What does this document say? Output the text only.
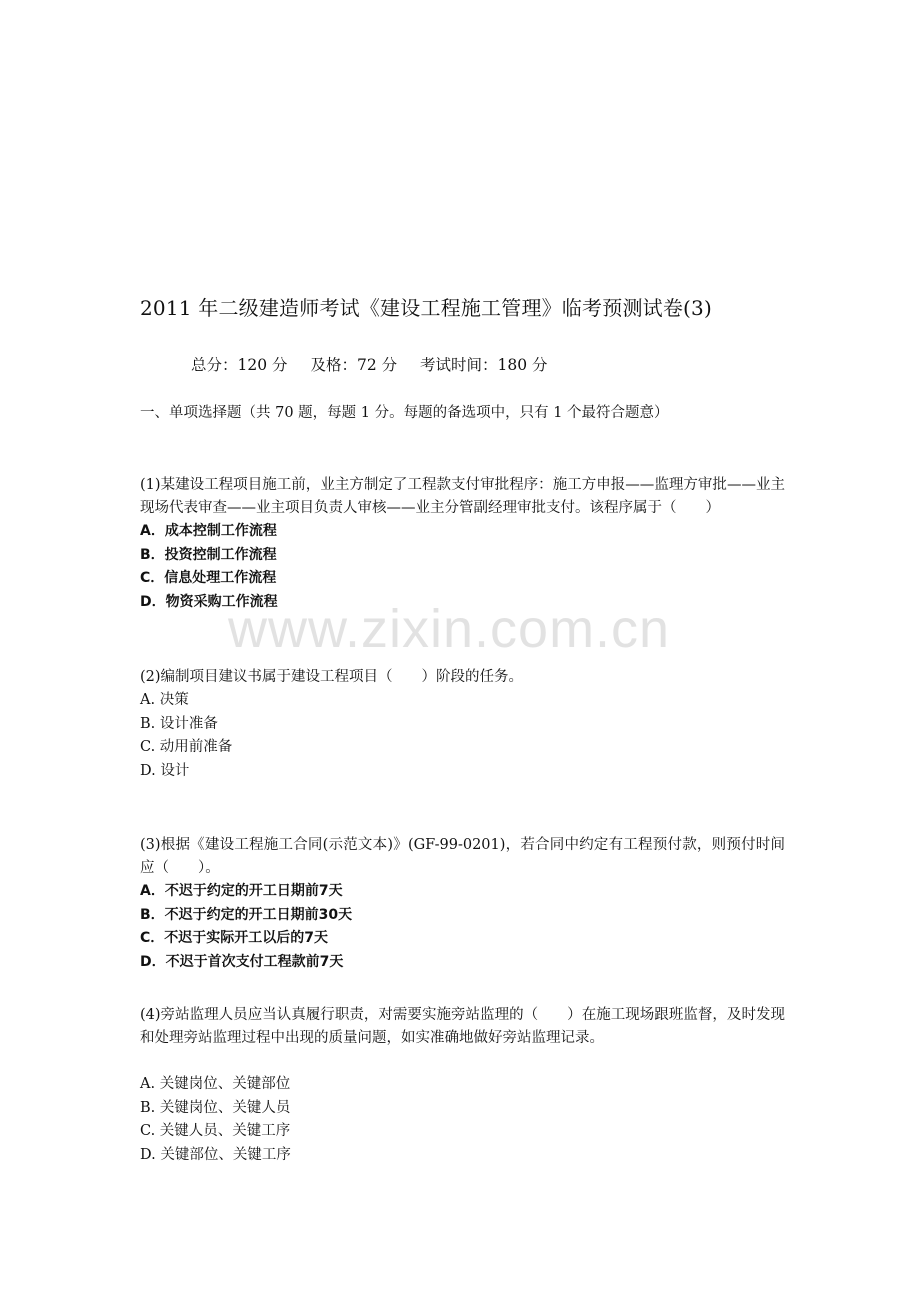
2011 年二级建造师考试《建设工程施工管理》临考预测试卷(3)
总分：120 分 及格：72 分 考试时间：180 分
一、单项选择题（共 70 题，每题 1 分。每题的备选项中，只有 1 个最符合题意）
(1)某建设工程项目施工前，业主方制定了工程款支付审批程序：施工方申报——监理方审批——业主现场代表审查——业主项目负责人审核——业主分管副经理审批支付。该程序属于（　　）
A．成本控制工作流程
B．投资控制工作流程
C．信息处理工作流程
D．物资采购工作流程
(2)编制项目建议书属于建设工程项目（　　）阶段的任务。
A. 决策
B. 设计准备
C. 动用前准备
D. 设计
(3)根据《建设工程施工合同(示范文本)》(GF-99-0201)，若合同中约定有工程预付款，则预付时间应（　　）。
A．不迟于约定的开工日期前7天
B．不迟于约定的开工日期前30天
C．不迟于实际开工以后的7天
D．不迟于首次支付工程款前7天
(4)旁站监理人员应当认真履行职责，对需要实施旁站监理的（　　）在施工现场跟班监督，及时发现和处理旁站监理过程中出现的质量问题，如实准确地做好旁站监理记录。
A. 关键岗位、关键部位
B. 关键岗位、关键人员
C. 关键人员、关键工序
D. 关键部位、关键工序
www.zixin.com.cn
